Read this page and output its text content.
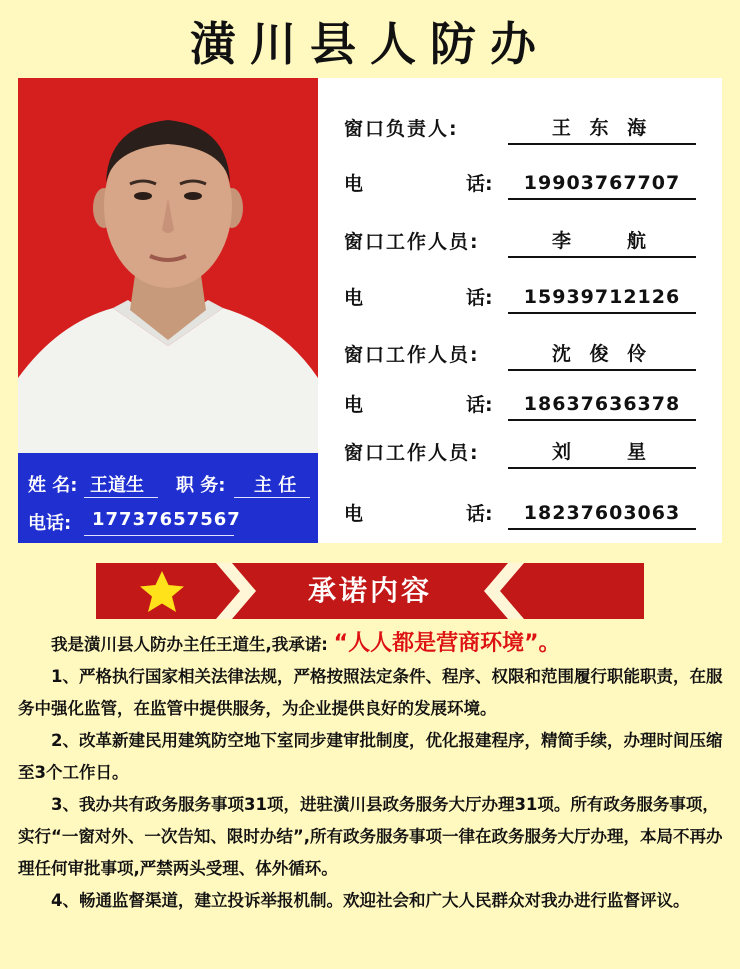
潢川县人防办
姓 名: 王道生 职 务: 主 任
电话: 17737657567
窗口负责人:	王 东 海
电	话:	19903767707
窗口工作人员:	李　　航
电	话:	15939712126
窗口工作人员:	沈 俊 伶
电	话:	18637636378
窗口工作人员:	刘　　星
电	话:	18237603063
承诺内容

我是潢川县人防办主任王道生,我承诺: “人人都是营商环境”。

1、严格执行国家相关法律法规，严格按照法定条件、程序、权限和范围履行职能职责，在服务中强化监管，在监管中提供服务，为企业提供良好的发展环境。

2、改革新建民用建筑防空地下室同步建审批制度，优化报建程序，精简手续，办理时间压缩至3个工作日。

3、我办共有政务服务事项31项，进驻潢川县政务服务大厅办理31项。所有政务服务事项，实行“一窗对外、一次告知、限时办结”,所有政务服务事项一律在政务服务大厅办理，本局不再办理任何审批事项,严禁两头受理、体外循环。

4、畅通监督渠道，建立投诉举报机制。欢迎社会和广大人民群众对我办进行监督评议。
